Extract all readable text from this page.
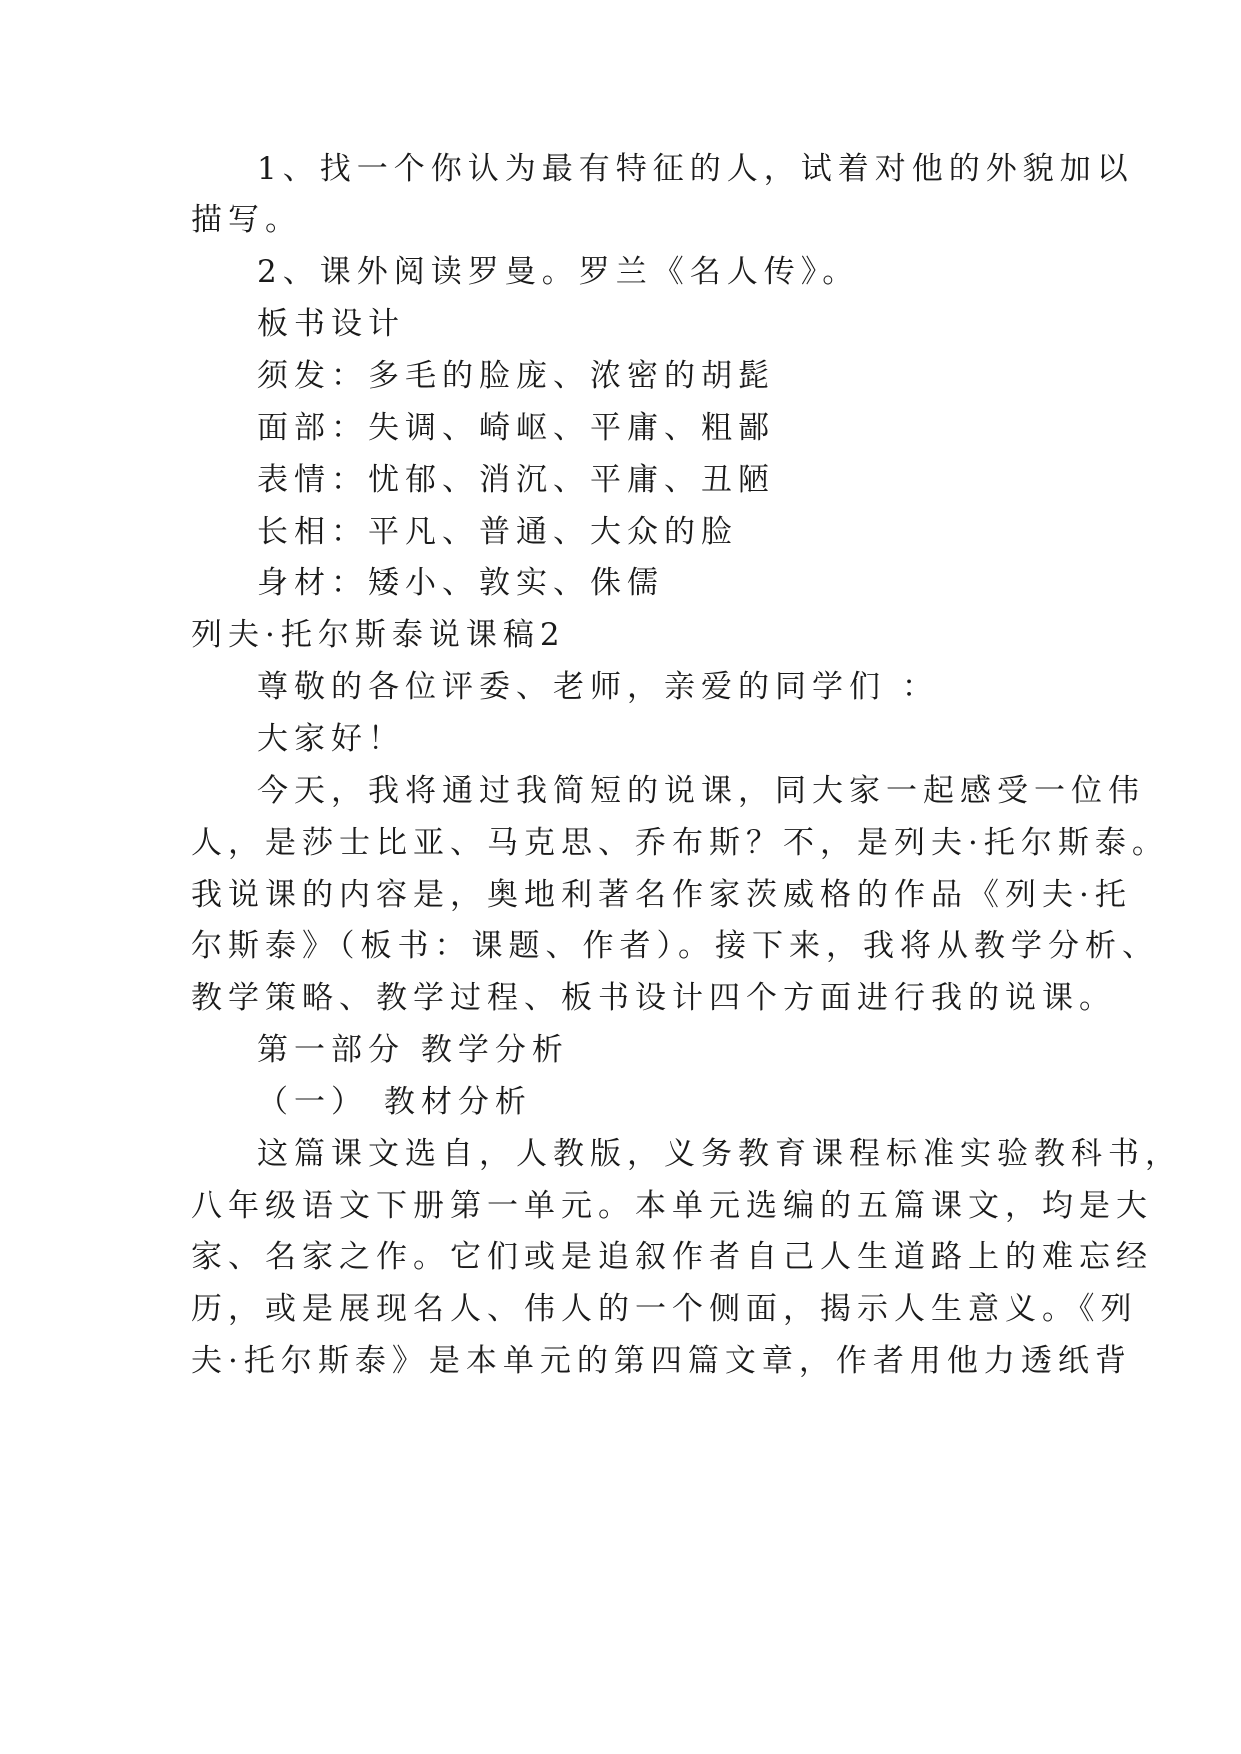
1、找一个你认为最有特征的人，试着对他的外貌加以
描写。
2、课外阅读罗曼。罗兰《名人传》。
板书设计
须发：多毛的脸庞、浓密的胡髭
面部：失调、崎岖、平庸、粗鄙
表情：忧郁、消沉、平庸、丑陋
长相：平凡、普通、大众的脸
身材：矮小、敦实、侏儒
列夫·托尔斯泰说课稿2
尊敬的各位评委、老师，亲爱的同学们 ：
大家好！
今天，我将通过我简短的说课，同大家一起感受一位伟
人，是莎士比亚、马克思、乔布斯？不，是列夫·托尔斯泰。
我说课的内容是，奥地利著名作家茨威格的作品《列夫·托
尔斯泰》（板书：课题、作者）。接下来，我将从教学分析、
教学策略、教学过程、板书设计四个方面进行我的说课。
第一部分 教学分析
（一） 教材分析
这篇课文选自，人教版，义务教育课程标准实验教科书，
八年级语文下册第一单元。本单元选编的五篇课文，均是大
家、名家之作。它们或是追叙作者自己人生道路上的难忘经
历，或是展现名人、伟人的一个侧面，揭示人生意义。《列
夫·托尔斯泰》是本单元的第四篇文章，作者用他力透纸背
